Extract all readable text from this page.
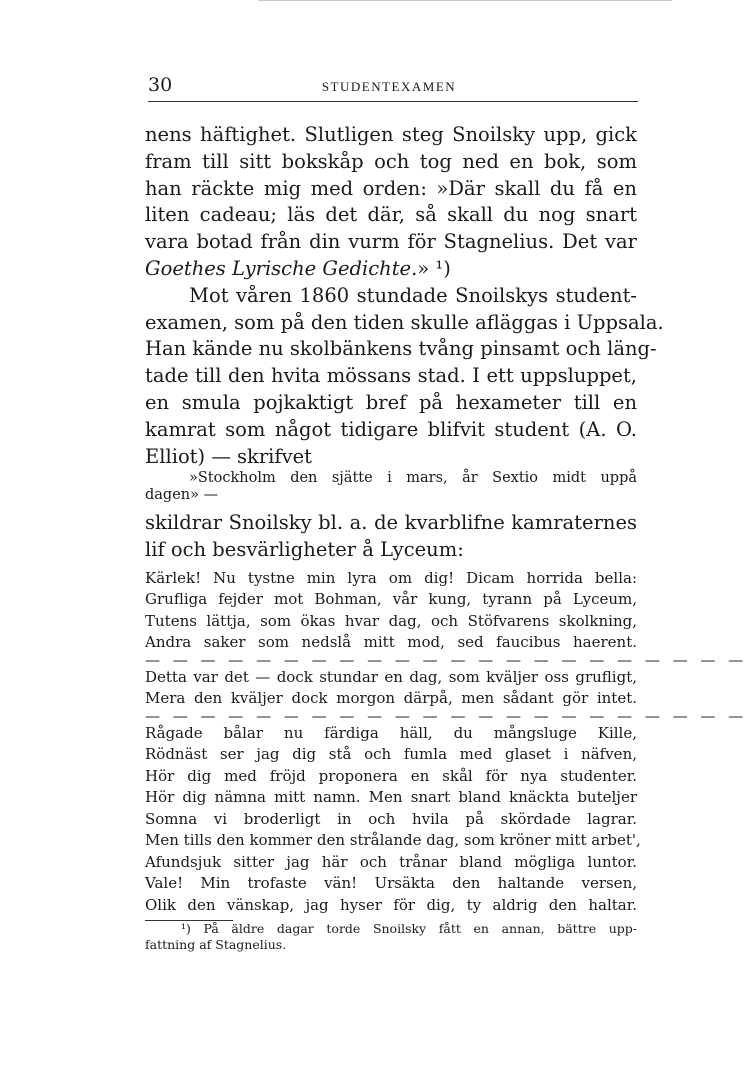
30	STUDENTEXAMEN
nens häftighet. Slutligen steg Snoilsky upp, gick
fram till sitt bokskåp och tog ned en bok, som
han räckte mig med orden: »Där skall du få en
liten cadeau; läs det där, så skall du nog snart
vara botad från din vurm för Stagnelius. Det var
Goethes Lyrische Gedichte.» ¹)
Mot våren 1860 stundade Snoilskys student-
examen, som på den tiden skulle afläggas i Uppsala.
Han kände nu skolbänkens tvång pinsamt och läng-
tade till den hvita mössans stad. I ett uppsluppet,
en smula pojkaktigt bref på hexameter till en
kamrat som något tidigare blifvit student (A. O.
Elliot) — skrifvet
»Stockholm den sjätte i mars, år Sextio midt uppå
dagen» —
skildrar Snoilsky bl. a. de kvarblifne kamraternes
lif och besvärligheter å Lyceum:
Kärlek! Nu tystne min lyra om dig! Dicam horrida bella:
Grufliga fejder mot Bohman, vår kung, tyrann på Lyceum,
Tutens lättja, som ökas hvar dag, och Stöfvarens skolkning,
Andra saker som nedslå mitt mod, sed faucibus haerent.
— — — — — — — — — — — — — — — — — — — — — —
Detta var det — dock stundar en dag, som kväljer oss grufligt,
Mera den kväljer dock morgon därpå, men sådant gör intet.
— — — — — — — — — — — — — — — — — — — — — —
Rågade bålar nu färdiga häll, du mångsluge Kille,
Rödnäst ser jag dig stå och fumla med glaset i näfven,
Hör dig med fröjd proponera en skål för nya studenter.
Hör dig nämna mitt namn. Men snart bland knäckta buteljer
Somna vi broderligt in och hvila på skördade lagrar.
Men tills den kommer den strålande dag, som kröner mitt arbet',
Afundsjuk sitter jag här och trånar bland mögliga luntor.
Vale! Min trofaste vän! Ursäkta den haltande versen,
Olik den vänskap, jag hyser för dig, ty aldrig den haltar.
¹) På äldre dagar torde Snoilsky fått en annan, bättre upp-
fattning af Stagnelius.
